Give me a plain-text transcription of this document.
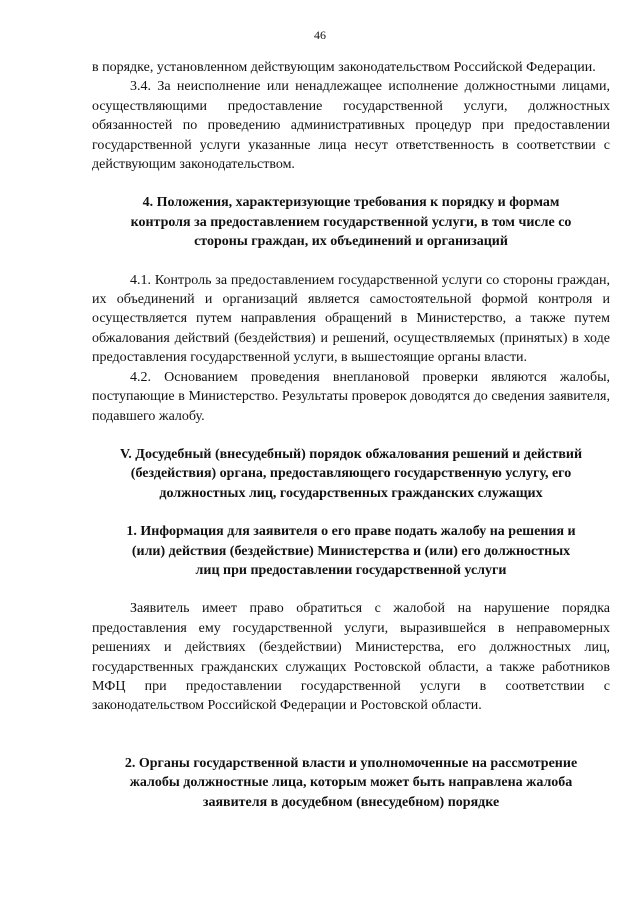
46

в порядке, установленном действующим законодательством Российской Федерации.

3.4. За неисполнение или ненадлежащее исполнение должностными лицами, осуществляющими предоставление государственной услуги, должностных обязанностей по проведению административных процедур при предоставлении государственной услуги указанные лица несут ответственность в соответствии с действующим законодательством.

4. Положения, характеризующие требования к порядку и формам контроля за предоставлением государственной услуги, в том числе со стороны граждан, их объединений и организаций

4.1. Контроль за предоставлением государственной услуги со стороны граждан, их объединений и организаций является самостоятельной формой контроля и осуществляется путем направления обращений в Министерство, а также путем обжалования действий (бездействия) и решений, осуществляемых (принятых) в ходе предоставления государственной услуги, в вышестоящие органы власти.

4.2. Основанием проведения внеплановой проверки являются жалобы, поступающие в Министерство. Результаты проверок доводятся до сведения заявителя, подавшего жалобу.

V. Досудебный (внесудебный) порядок обжалования решений и действий (бездействия) органа, предоставляющего государственную услугу, его должностных лиц, государственных гражданских служащих

1. Информация для заявителя о его праве подать жалобу на решения и (или) действия (бездействие) Министерства и (или) его должностных лиц при предоставлении государственной услуги

Заявитель имеет право обратиться с жалобой на нарушение порядка предоставления ему государственной услуги, выразившейся в неправомерных решениях и действиях (бездействии) Министерства, его должностных лиц, государственных гражданских служащих Ростовской области, а также работников МФЦ при предоставлении государственной услуги в соответствии с законодательством Российской Федерации и Ростовской области.

2. Органы государственной власти и уполномоченные на рассмотрение жалобы должностные лица, которым может быть направлена жалоба заявителя в досудебном (внесудебном) порядке
